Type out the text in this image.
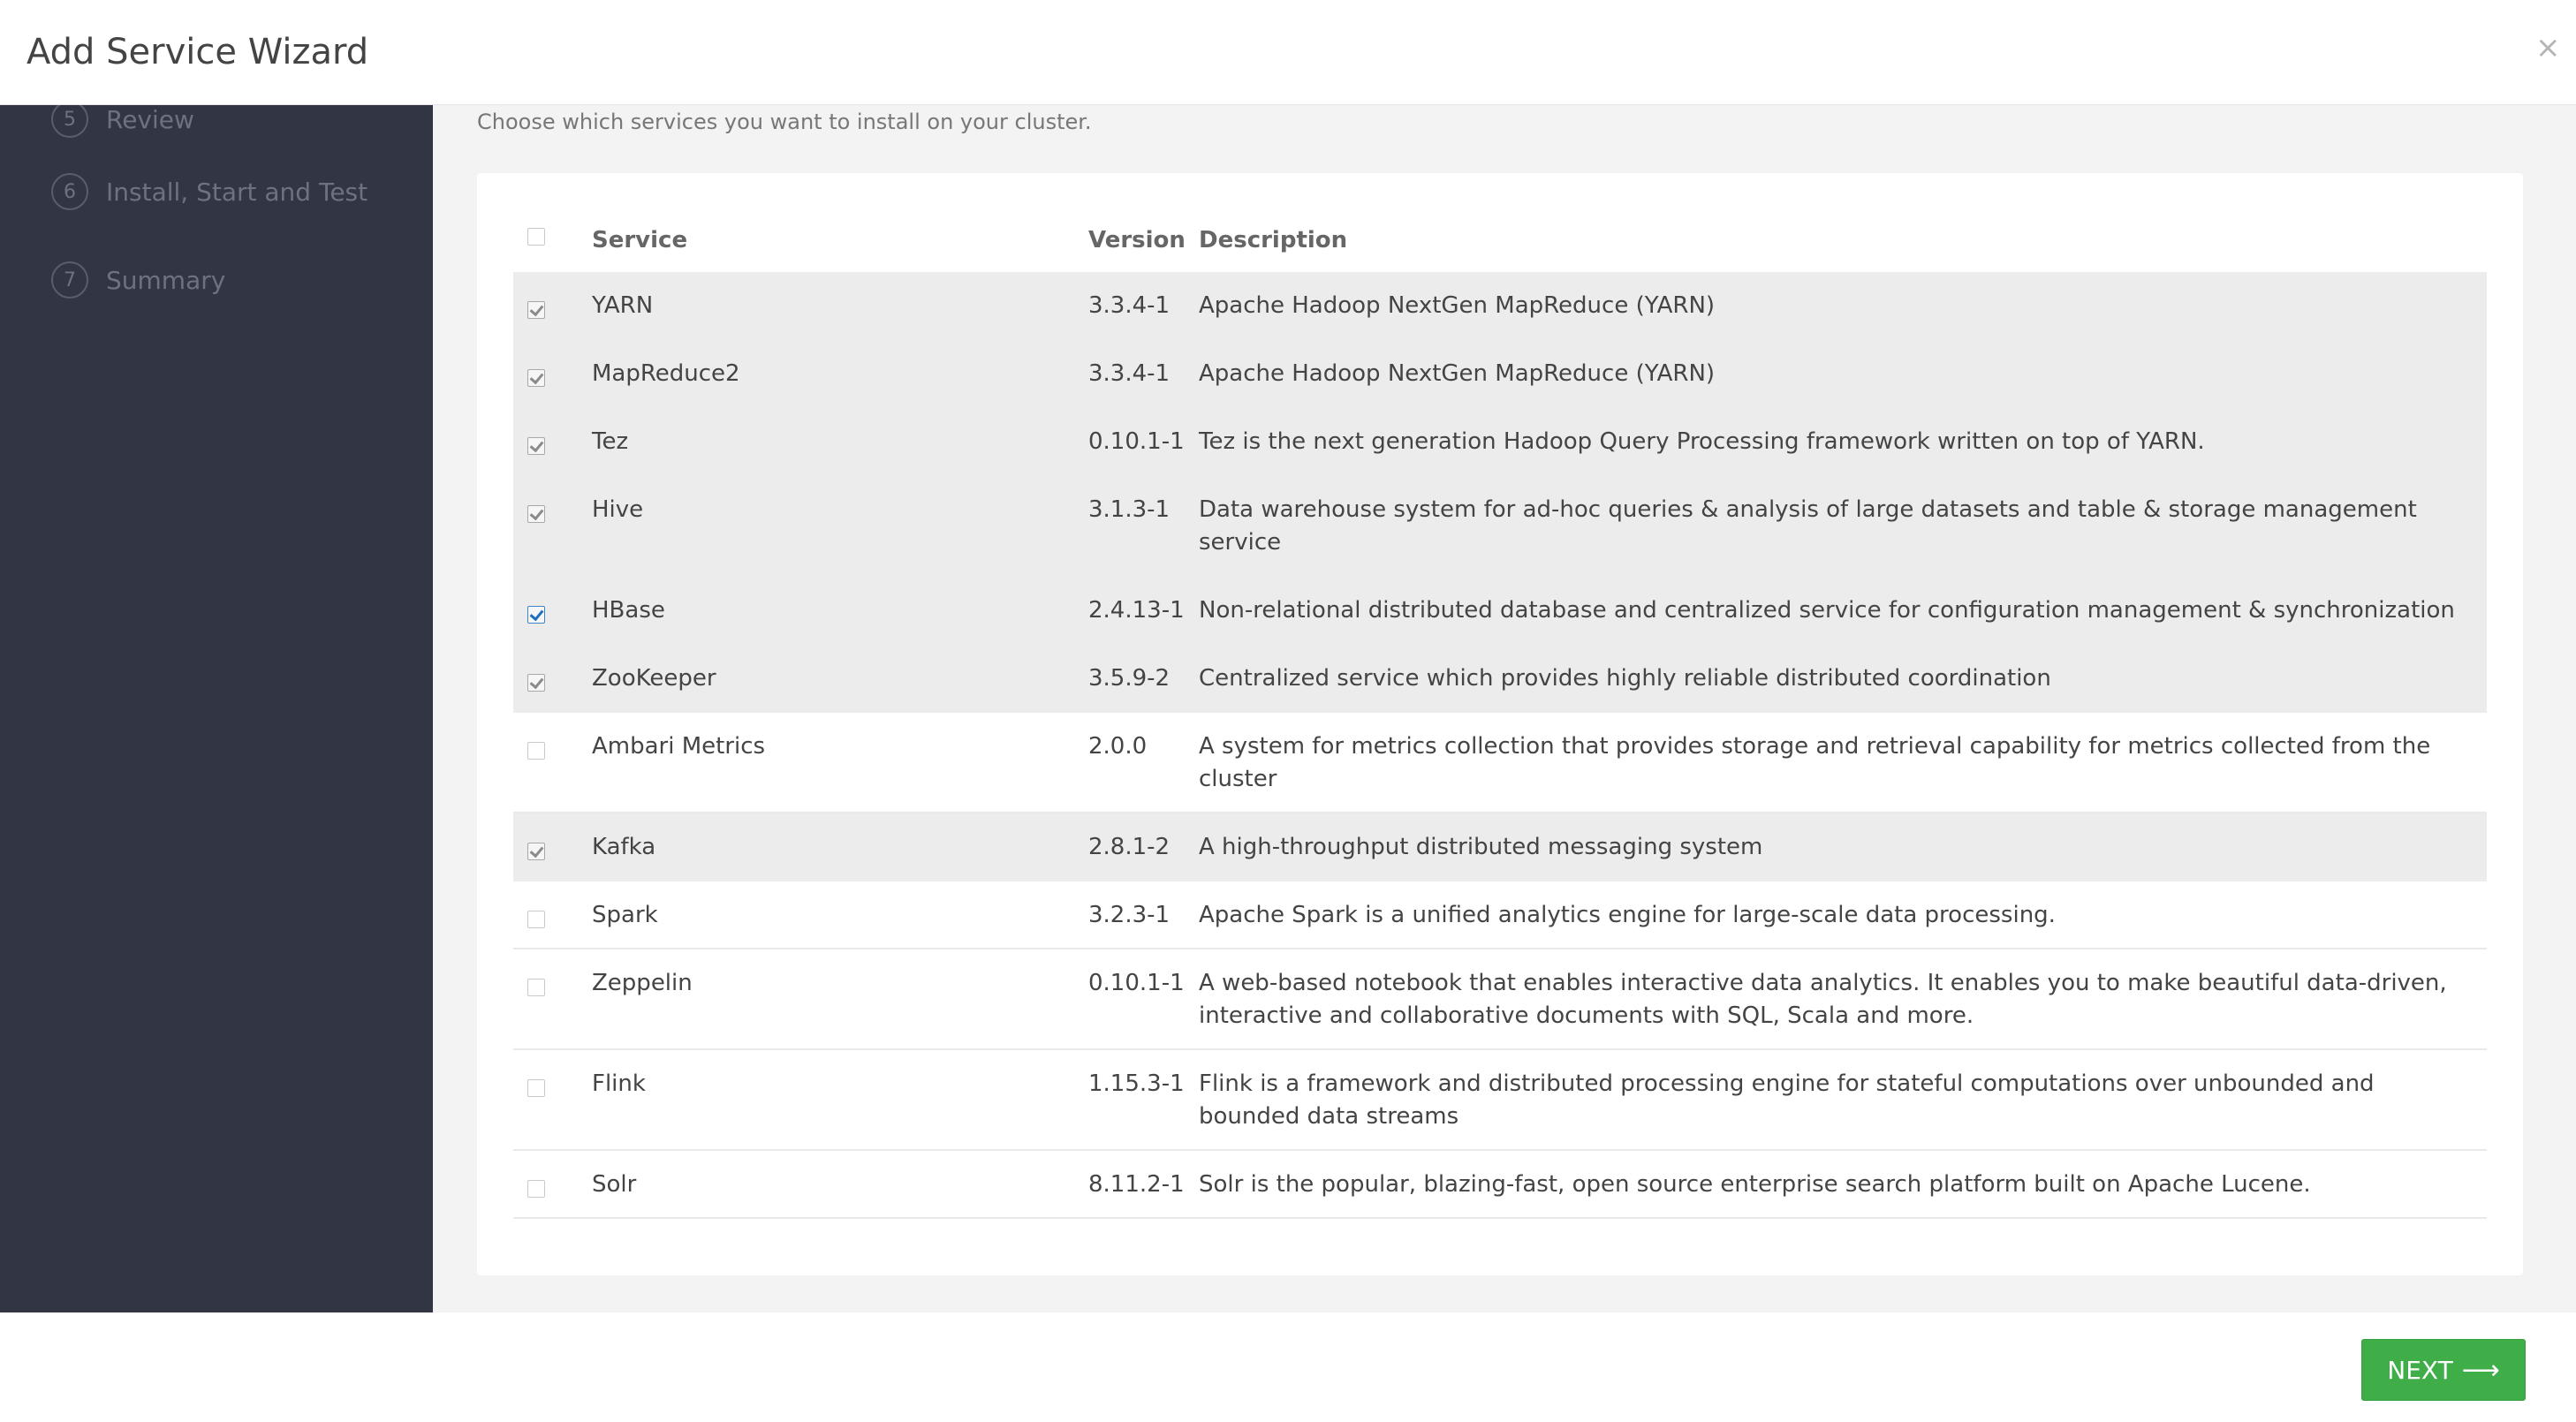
Add Service Wizard	×
5	Review
6	Install, Start and Test
7	Summary
Choose which services you want to install on your cluster.
	Service	Version	Description
	YARN	3.3.4-1	Apache Hadoop NextGen MapReduce (YARN)
	MapReduce2	3.3.4-1	Apache Hadoop NextGen MapReduce (YARN)
	Tez	0.10.1-1	Tez is the next generation Hadoop Query Processing framework written on top of YARN.
	Hive	3.1.3-1	Data warehouse system for ad-hoc queries & analysis of large datasets and table & storage management service
	HBase	2.4.13-1	Non-relational distributed database and centralized service for configuration management & synchronization
	ZooKeeper	3.5.9-2	Centralized service which provides highly reliable distributed coordination
	Ambari Metrics	2.0.0	A system for metrics collection that provides storage and retrieval capability for metrics collected from the cluster
	Kafka	2.8.1-2	A high-throughput distributed messaging system
	Spark	3.2.3-1	Apache Spark is a unified analytics engine for large-scale data processing.
	Zeppelin	0.10.1-1	A web-based notebook that enables interactive data analytics. It enables you to make beautiful data-driven, interactive and collaborative documents with SQL, Scala and more.
	Flink	1.15.3-1	Flink is a framework and distributed processing engine for stateful computations over unbounded and bounded data streams
	Solr	8.11.2-1	Solr is the popular, blazing-fast, open source enterprise search platform built on Apache Lucene.
NEXT ⟶
